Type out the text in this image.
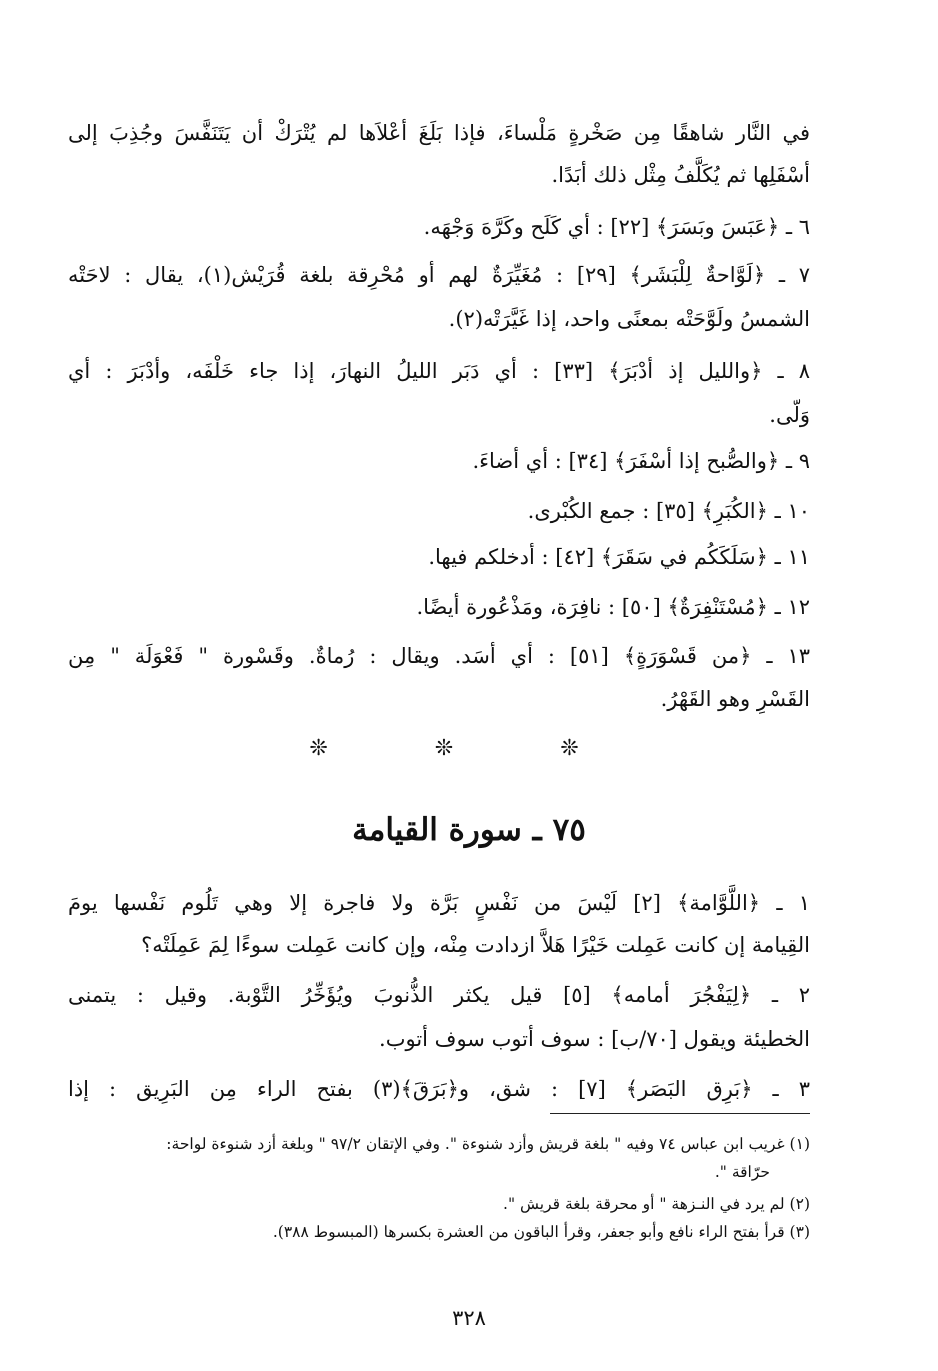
في النَّار شاهقًا مِن صَخْرةٍ مَلْساءَ، فإذا بَلَغَ أعْلاَها لم يُتْرَكْ أن يَتَنَفَّسَ وجُذِبَ إلى
أسْفَلِها ثم يُكَلَّفُ مِثْل ذلك أبَدًا.
٦ ـ ﴿عَبَسَ وبَسَرَ﴾ [٢٢] : أي كَلَح وكَرَّهَ وَجْهَه.
٧ ـ ﴿لَوَّاحةٌ لِلْبَشَر﴾ [٢٩] : مُغَيِّرَةٌ لهم أو مُحْرِقة بلغة قُرَيْش(١)، يقال : لاحَتْه
الشمسُ ولَوَّحَتْه بمعنًى واحد، إذا غَيَّرَتْه(٢).
٨ ـ ﴿والليل إذ أدْبَرَ﴾ [٣٣] : أي دَبَر الليلُ النهارَ، إذا جاء خَلْفَه، وأدْبَرَ : أي
وَلّى.
٩ ـ ﴿والصُّبح إذا أسْفَرَ﴾ [٣٤] : أي أضاءَ.
١٠ ـ ﴿الكُبَرِ﴾ [٣٥] : جمع الكُبْرى.
١١ ـ ﴿سَلَكَكُم في سَقَرَ﴾ [٤٢] : أدخلكم فيها.
١٢ ـ ﴿مُسْتَنْفِرَةٌ﴾ [٥٠] : نافِرَة، ومَذْعُورة أيضًا.
١٣ ـ ﴿من قَسْوَرَةٍ﴾ [٥١] : أي أسَد. ويقال : رُماةٌ. وقَسْورة " فَعْوَلَة " مِن
القَسْرِ وهو القَهْرُ.
❊ ❊ ❊
٧٥ ـ سورة القيامة
١ ـ ﴿اللَّوَّامة﴾ [٢] لَيْسَ من نَفْسٍ بَرَّة ولا فاجرة إلا وهي تَلُوم نَفْسها يومَ
القِيامة إن كانت عَمِلت خَيْرًا هَلاَّ ازدادت مِنْه، وإن كانت عَمِلت سوءًا لِمَ عَمِلَتْه؟
٢ ـ ﴿لِيَفْجُرَ أمامه﴾ [٥] قيل يكثر الذُّنوبَ ويُؤَخِّرُ التَّوْبة. وقيل : يتمنى
الخطيئة ويقول [٧٠/ب] : سوف أتوب سوف أتوب.
٣ ـ ﴿بَرِق البَصَر﴾ [٧] : شق، و﴿بَرَقَ﴾(٣) بفتح الراء مِن البَرِيق : إذا
(١) غريب ابن عباس ٧٤ وفيه " بلغة قريش وأزد شنوءة ". وفي الإتقان ٩٧/٢ " وبلغة أزد شنوءة لواحة:
حرّاقة ".
(٢) لم يرد في النـزهة " أو محرقة بلغة قريش ".
(٣) قرأ بفتح الراء نافع وأبو جعفر، وقرأ الباقون من العشرة بكسرها (المبسوط ٣٨٨).
٣٢٨
